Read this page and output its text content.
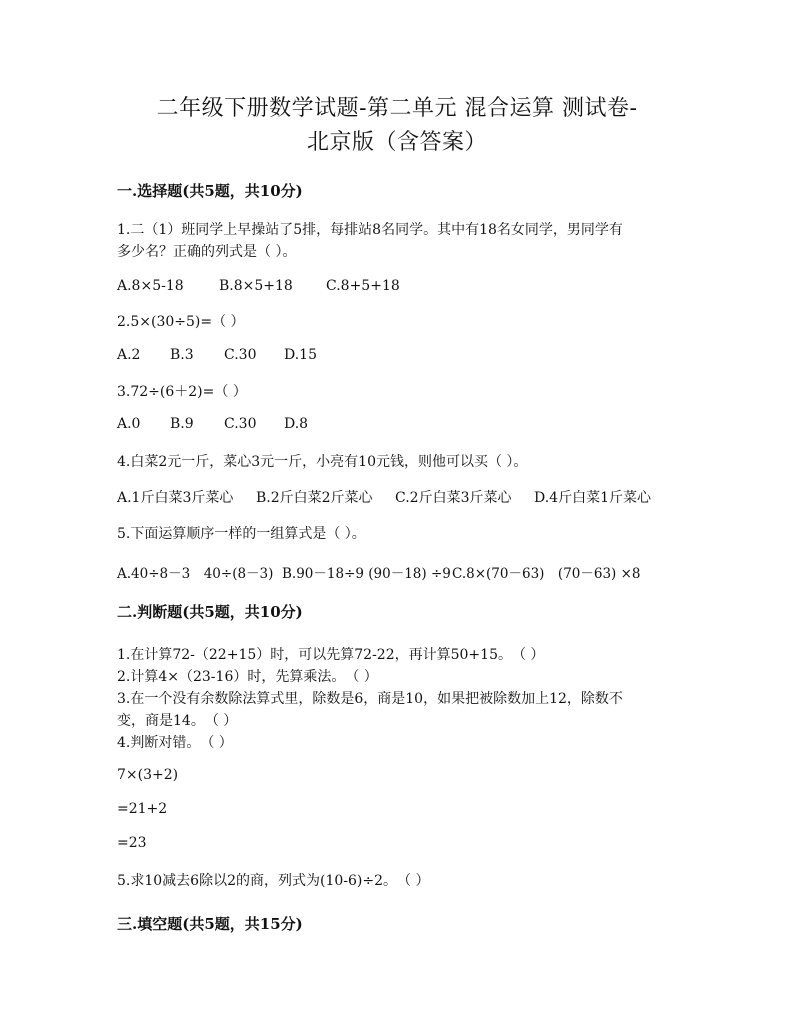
二年级下册数学试题-第二单元 混合运算 测试卷-
北京版（含答案）
一.选择题(共5题，共10分)
1.二（1）班同学上早操站了5排，每排站8名同学。其中有18名女同学，男同学有
多少名？正确的列式是（ ）。
A.8×5-18	B.8×5+18 C.8+5+18
2.5×(30÷5)=（ ）
A.2 B.3 C.30 D.15
3.72÷(6＋2)=（ ）
A.0 B.9 C.30 D.8
4.白菜2元一斤，菜心3元一斤，小亮有10元钱，则他可以买（ ）。
A.1斤白菜3斤菜心 B.2斤白菜2斤菜心 C.2斤白菜3斤菜心 D.4斤白菜1斤菜心
5.下面运算顺序一样的一组算式是（ ）。
A.40÷8－3　40÷(8－3) B.90－18÷9 (90－18) ÷9C.8×(70－63)　(70－63) ×8
二.判断题(共5题，共10分)
1.在计算72-（22+15）时，可以先算72-22，再计算50+15。　（ ）
2.计算4×（23-16）时，先算乘法。　（ ）
3.在一个没有余数除法算式里，除数是6，商是10，如果把被除数加上12，除数不
变，商是14。　（ ）
4.判断对错。　（ ）
7×(3+2)
=21+2
=23
5.求10减去6除以2的商，列式为(10-6)÷2。　（ ）
三.填空题(共5题，共15分)
